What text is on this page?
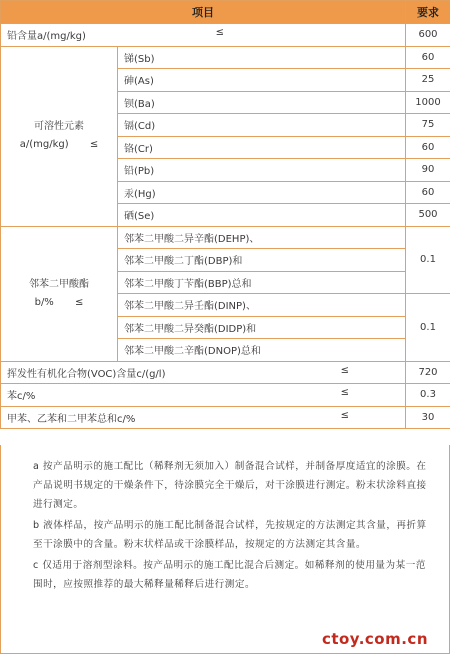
项目		要求
铅含量a/(mg/kg) ≤		600
可溶性元素
a/(mg/kg) ≤	锑(Sb)	60
	砷(As)	25
	钡(Ba)	1000
	镉(Cd)	75
	铬(Cr)	60
	铅(Pb)	90
	汞(Hg)	60
	硒(Se)	500
邻苯二甲酸酯
b/% ≤	邻苯二甲酸二异辛酯(DEHP)、	0.1
	邻苯二甲酸二丁酯(DBP)和	
	邻苯二甲酸丁苄酯(BBP)总和	
	邻苯二甲酸二异壬酯(DINP)、	0.1
	邻苯二甲酸二异癸酯(DIDP)和	
	邻苯二甲酸二辛酯(DNOP)总和	
挥发性有机化合物(VOC)含量c/(g/l) ≤		720
苯c/% ≤		0.3
甲苯、乙苯和二甲苯总和c/% ≤		30

a 按产品明示的施工配比（稀释剂无须加入）制备混合试样，并制备厚度适宜的涂膜。在产品说明书规定的干燥条件下，待涂膜完全干燥后，对干涂膜进行测定。粉末状涂料直接进行测定。

b 液体样品，按产品明示的施工配比制备混合试样，先按规定的方法测定其含量，再折算至干涂膜中的含量。粉末状样品或干涂膜样品，按规定的方法测定其含量。

c 仅适用于溶剂型涂料。按产品明示的施工配比混合后测定。如稀释剂的使用量为某一范围时，应按照推荐的最大稀释量稀释后进行测定。

ctoy.com.cn
